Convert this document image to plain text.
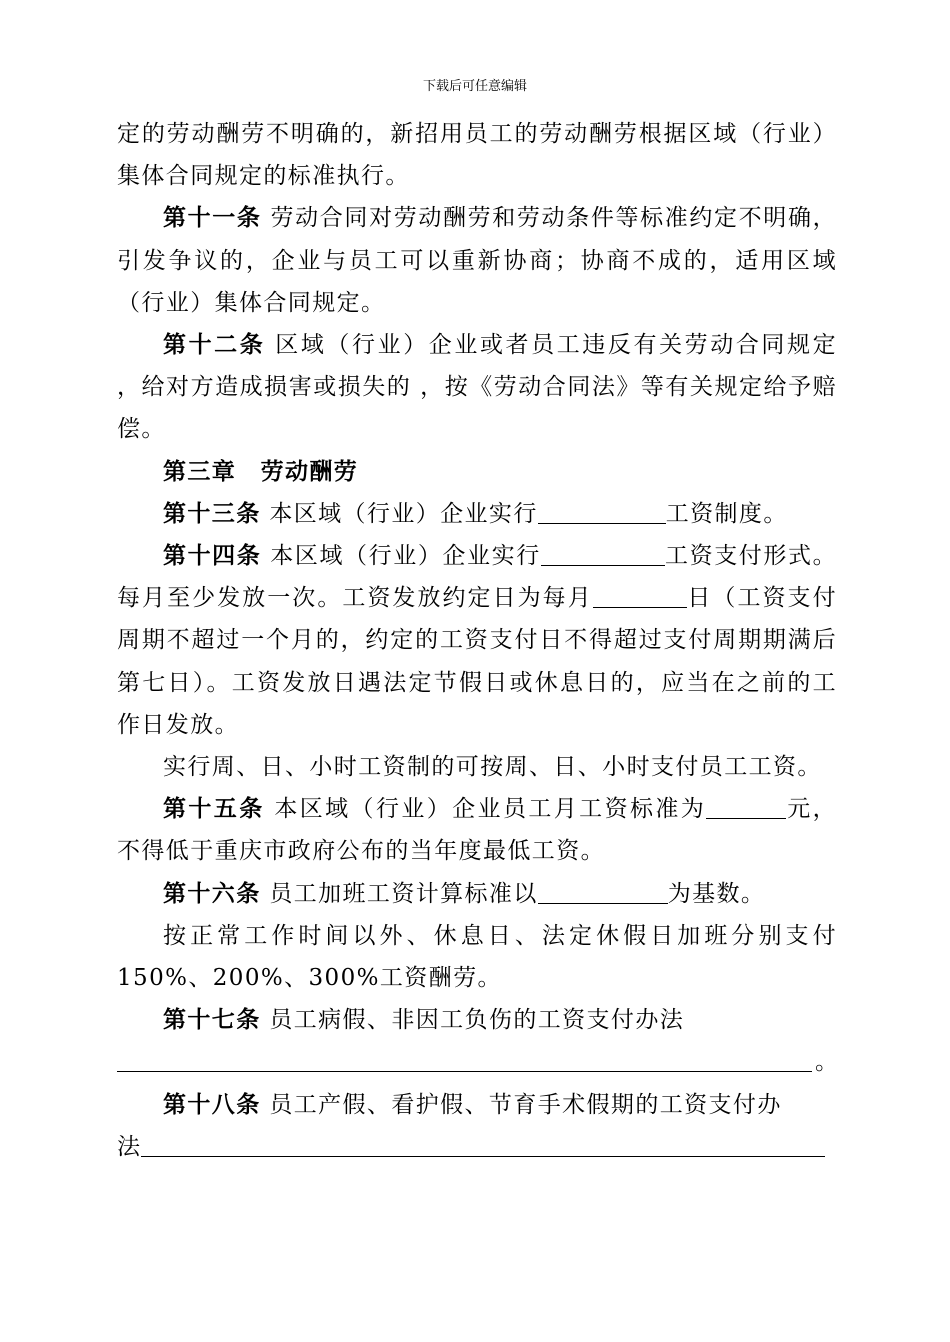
下载后可任意编辑

定的劳动酬劳不明确的，新招用员工的劳动酬劳根据区域（行业）集体合同规定的标准执行。

第十一条 劳动合同对劳动酬劳和劳动条件等标准约定不明确，引发争议的，企业与员工可以重新协商；协商不成的，适用区域（行业）集体合同规定。

第十二条 区域（行业）企业或者员工违反有关劳动合同规定 ，给对方造成损害或损失的 ，按《劳动合同法》等有关规定给予赔偿。

第三章　劳动酬劳

第十三条 本区域（行业）企业实行	工资制度。

第十四条 本区域（行业）企业实行	工资支付形式。每月至少发放一次。工资发放约定日为每月	日（工资支付周期不超过一个月的，约定的工资支付日不得超过支付周期期满后第七日）。工资发放日遇法定节假日或休息日的，应当在之前的工作日发放。

实行周、日、小时工资制的可按周、日、小时支付员工工资。

第十五条 本区域（行业）企业员工月工资标准为	元，不得低于重庆市政府公布的当年度最低工资。

第十六条 员工加班工资计算标准以	为基数。

按正常工作时间以外、休息日、法定休假日加班分别支付150%、200%、300%工资酬劳。

第十七条 员工病假、非因工负伤的工资支付办法

。

第十八条 员工产假、看护假、节育手术假期的工资支付办

法
